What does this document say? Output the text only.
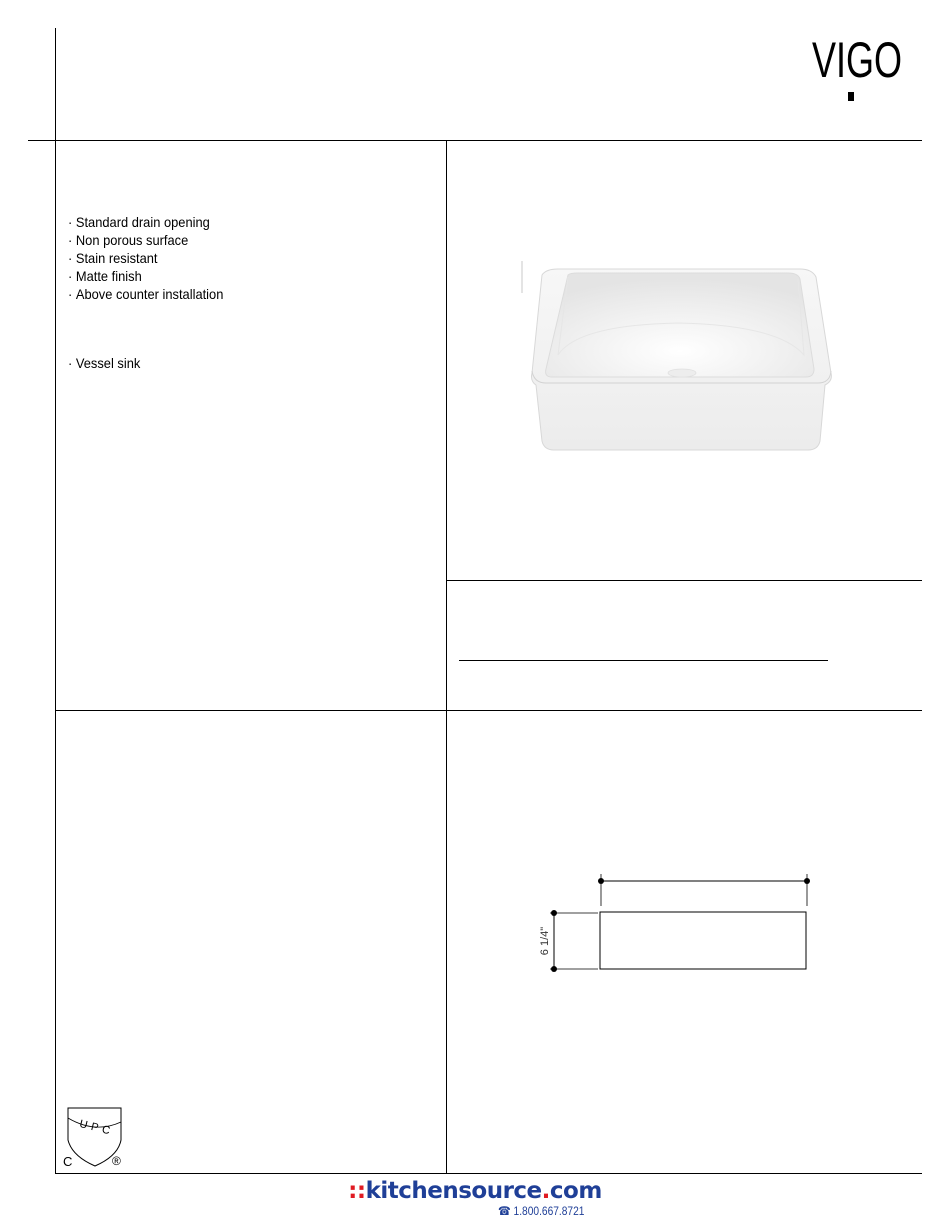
VIGO
· Standard drain opening
· Non porous surface
· Stain resistant
· Matte finish
· Above counter installation
· Vessel sink
6 1/4"
UPC
C	®
::kitchensource.com
☎ 1.800.667.8721
